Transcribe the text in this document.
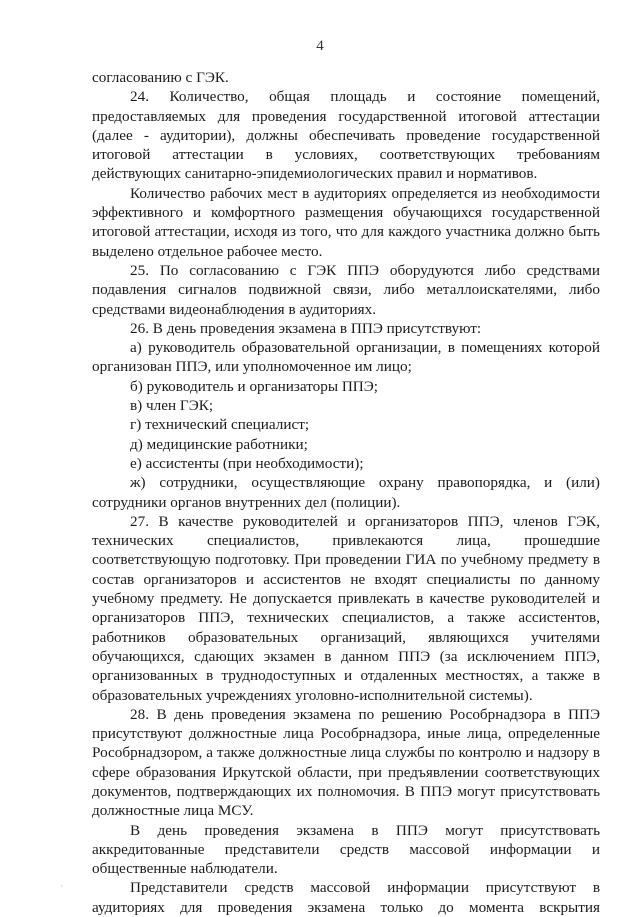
4

согласованию с ГЭК.

24. Количество, общая площадь и состояние помещений, предоставляемых для проведения государственной итоговой аттестации (далее - аудитории), должны обеспечивать проведение государственной итоговой аттестации в условиях, соответствующих требованиям действующих санитарно-эпидемиологических правил и нормативов.

Количество рабочих мест в аудиториях определяется из необходимости эффективного и комфортного размещения обучающихся государственной итоговой аттестации, исходя из того, что для каждого участника должно быть выделено отдельное рабочее место.

25. По согласованию с ГЭК ППЭ оборудуются либо средствами подавления сигналов подвижной связи, либо металлоискателями, либо средствами видеонаблюдения в аудиториях.

26. В день проведения экзамена в ППЭ присутствуют:

а) руководитель образовательной организации, в помещениях которой организован ППЭ, или уполномоченное им лицо;

б) руководитель и организаторы ППЭ;

в) член ГЭК;

г) технический специалист;

д) медицинские работники;

е) ассистенты (при необходимости);

ж) сотрудники, осуществляющие охрану правопорядка, и (или) сотрудники органов внутренних дел (полиции).

27. В качестве руководителей и организаторов ППЭ, членов ГЭК, технических специалистов, привлекаются лица, прошедшие соответствующую подготовку. При проведении ГИА по учебному предмету в состав организаторов и ассистентов не входят специалисты по данному учебному предмету. Не допускается привлекать в качестве руководителей и организаторов ППЭ, технических специалистов, а также ассистентов, работников образовательных организаций, являющихся учителями обучающихся, сдающих экзамен в данном ППЭ (за исключением ППЭ, организованных в труднодоступных и отдаленных местностях, а также в образовательных учреждениях уголовно-исполнительной системы).

28. В день проведения экзамена по решению Рособрнадзора в ППЭ присутствуют должностные лица Рособрнадзора, иные лица, определенные Рособрнадзором, а также должностные лица службы по контролю и надзору в сфере образования Иркутской области, при предъявлении соответствующих документов, подтверждающих их полномочия. В ППЭ могут присутствовать должностные лица МСУ.

В день проведения экзамена в ППЭ могут присутствовать аккредитованные представители средств массовой информации и общественные наблюдатели.

Представители средств массовой информации присутствуют в аудиториях для проведения экзамена только до момента вскрытия

·
